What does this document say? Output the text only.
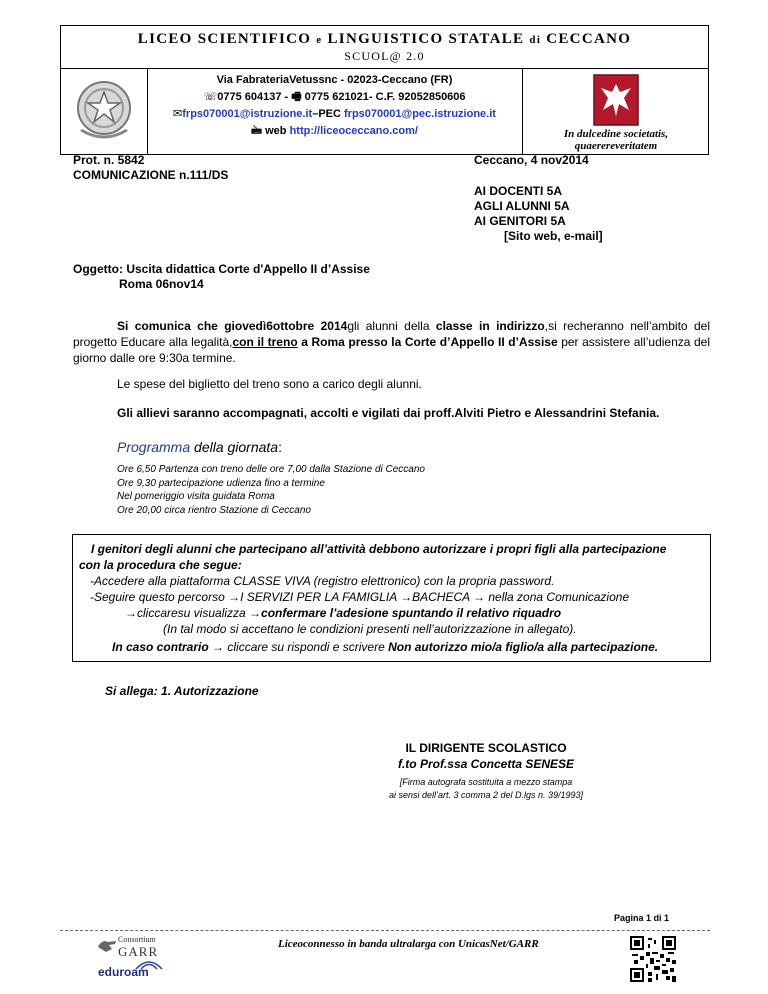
LICEO SCIENTIFICO e LINGUISTICO STATALE di CECCANO
SCUOL@ 2.0
Via FabrateriaVetussnc - 02023-Ceccano (FR)
☏0775 604137 - 🖷 0775 621021- C.F. 92052850606
✉frps070001@istruzione.it–PEC frps070001@pec.istruzione.it
🖮 web http://liceoceccano.com/	In dulcedine societatis,
quaerereveritatem
Prot. n. 5842
COMUNICAZIONE n.111/DS
Ceccano, 4 nov2014
AI DOCENTI 5A
AGLI ALUNNI 5A
AI GENITORI 5A
[Sito web, e-mail]
Oggetto: Uscita didattica Corte d'Appello II d’Assise
Roma 06nov14
Si comunica che giovedì6ottobre 2014gli alunni della classe in indirizzo,si recheranno nell’ambito del progetto Educare alla legalità,con il treno a Roma presso la Corte d’Appello II d’Assise per assistere all’udienza del giorno dalle ore 9:30a termine.
Le spese del biglietto del treno sono a carico degli alunni.
Gli allievi saranno accompagnati, accolti e vigilati dai proff.Alviti Pietro e Alessandrini Stefania.
Programma della giornata:
Ore 6,50 Partenza con treno delle ore 7,00 dalla Stazione di Ceccano
Ore 9,30 partecipazione udienza fino a termine
Nel pomeriggio visita guidata Roma
Ore 20,00 circa rientro Stazione di Ceccano
I genitori degli alunni che partecipano all’attività debbono autorizzare i propri figli alla partecipazione
con la procedura che segue:
-Accedere alla piattaforma CLASSE VIVA (registro elettronico) con la propria password.
-Seguire questo percorso →I SERVIZI PER LA FAMIGLIA →BACHECA → nella zona Comunicazione
→cliccaresu visualizza →confermare l’adesione spuntando il relativo riquadro
(In tal modo si accettano le condizioni presenti nell’autorizzazione in allegato).
In caso contrario → cliccare su rispondi e scrivere Non autorizzo mio/a figlio/a alla partecipazione.
Si allega: 1. Autorizzazione
IL DIRIGENTE SCOLASTICO
f.to Prof.ssa Concetta SENESE
[Firma autografa sostituita a mezzo stampa
ai sensi dell’art. 3 comma 2 del D.lgs n. 39/1993]
Pagina 1 di 1
Consortium
GARR
eduroam
Liceoconnesso in banda ultralarga con UnicasNet/GARR
